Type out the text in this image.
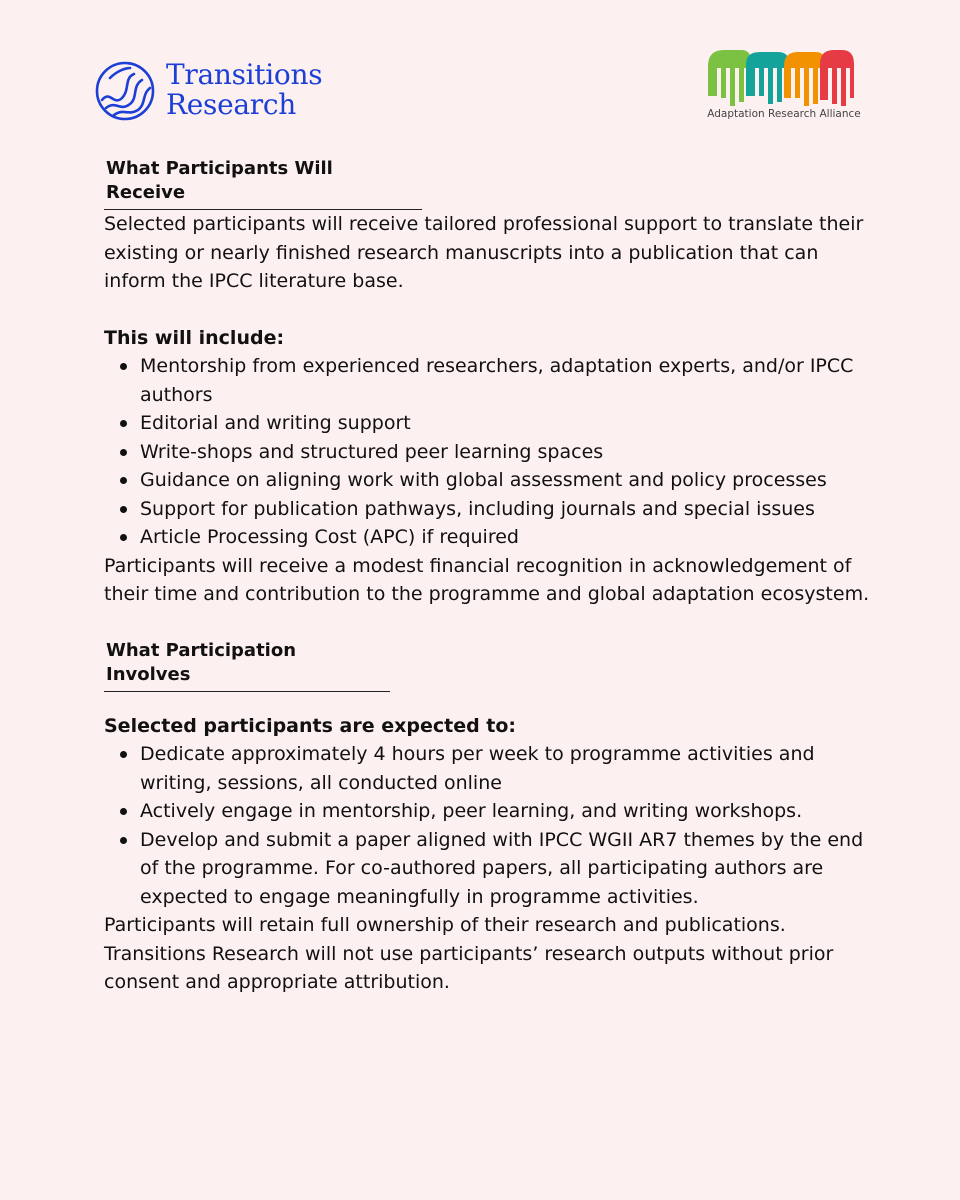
Transitions
Research	Adaptation Research Alliance
What Participants Will Receive

Selected participants will receive tailored professional support to translate their existing or nearly finished research manuscripts into a publication that can inform the IPCC literature base.

This will include:
Mentorship from experienced researchers, adaptation experts, and/or IPCC authors
Editorial and writing support
Write-shops and structured peer learning spaces
Guidance on aligning work with global assessment and policy processes
Support for publication pathways, including journals and special issues
Article Processing Cost (APC) if required

Participants will receive a modest financial recognition in acknowledgement of their time and contribution to the programme and global adaptation ecosystem.

What Participation Involves
Selected participants are expected to:
Dedicate approximately 4 hours per week to programme activities and writing, sessions, all conducted online
Actively engage in mentorship, peer learning, and writing workshops.
Develop and submit a paper aligned with IPCC WGII AR7 themes by the end of the programme. For co-authored papers, all participating authors are expected to engage meaningfully in programme activities.

Participants will retain full ownership of their research and publications. Transitions Research will not use participants’ research outputs without prior consent and appropriate attribution.
